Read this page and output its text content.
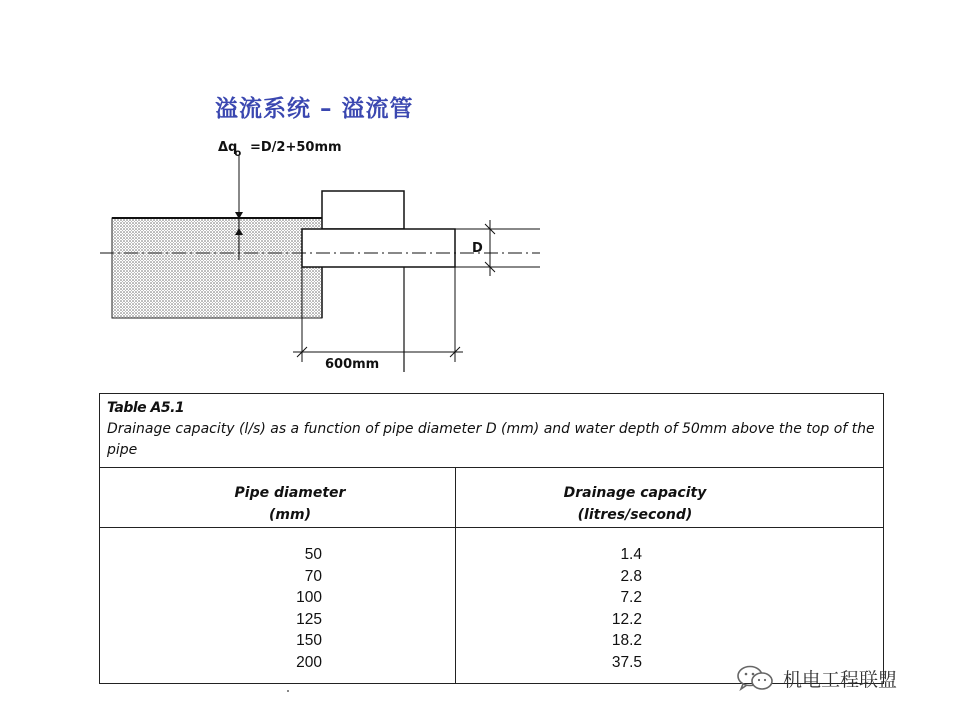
溢流系统 – 溢流管
$\Delta q_o =D/2+50mm$
D
600mm
Table A5.1
Drainage capacity (l/s) as a function of pipe diameter D (mm) and water depth of 50mm above the top of the pipe
Pipe diameter
(mm)
Drainage capacity
(litres/second)
50
70
100
125
150
200
1.4
2.8
7.2
12.2
18.2
37.5
机电工程联盟
